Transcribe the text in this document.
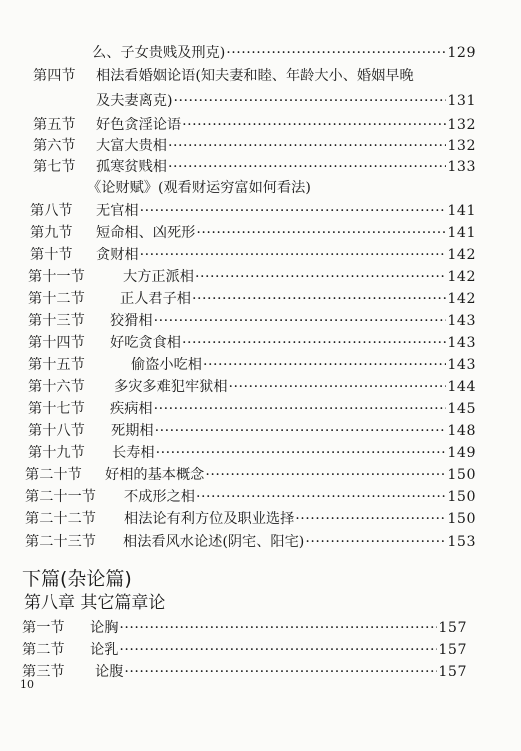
么、子女贵贱及刑克) ·····	129
第四节 相法看婚姻论语(知夫妻和睦、年龄大小、婚姻早晚
及夫妻离克) ·····	131
第五节	好色贪淫论语 ·····	132
第六节	大富大贵相 ·····	132
第七节	孤寒贫贱相 ·····	133
《论财赋》(观看财运穷富如何看法)
第八节	无官相 ·····	141
第九节	短命相、凶死形 ·····	141
第十节	贪财相 ·····	142
第十一节	大方正派相 ·····	142
第十二节	正人君子相 ·····	142
第十三节	狡猾相 ·····	143
第十四节	好吃贪食相 ·····	143
第十五节	偷盗小吃相 ·····	143
第十六节	多灾多难犯牢狱相 ·····	144
第十七节	疾病相 ·····	145
第十八节	死期相 ·····	148
第十九节	长寿相 ·····	149
第二十节	好相的基本概念 ·····	150
第二十一节	不成形之相 ·····	150
第二十二节	相法论有利方位及职业选择 ·····	150
第二十三节	相法看风水论述(阴宅、阳宅) ·····	153
下篇(杂论篇)
第八章 其它篇章论
第一节	论胸 ·····	157
第二节	论乳 ·····	157
第三节	论腹 ·····	157
10
